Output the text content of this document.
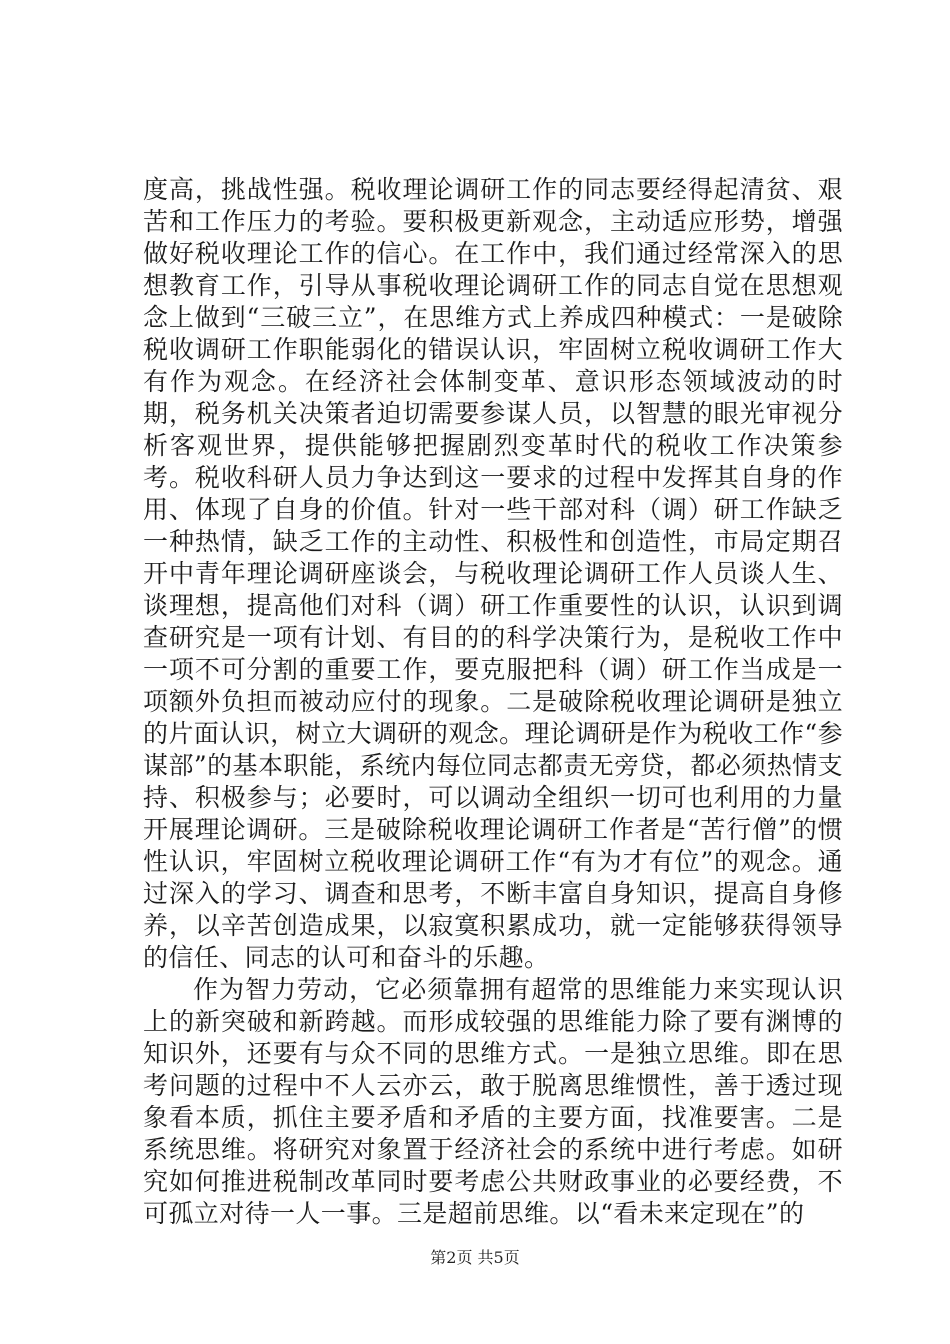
度高，挑战性强。税收理论调研工作的同志要经得起清贫、艰苦和工作压力的考验。要积极更新观念，主动适应形势，增强做好税收理论工作的信心。在工作中，我们通过经常深入的思想教育工作，引导从事税收理论调研工作的同志自觉在思想观念上做到“三破三立”，在思维方式上养成四种模式：一是破除税收调研工作职能弱化的错误认识，牢固树立税收调研工作大有作为观念。在经济社会体制变革、意识形态领域波动的时期，税务机关决策者迫切需要参谋人员，以智慧的眼光审视分析客观世界，提供能够把握剧烈变革时代的税收工作决策参考。税收科研人员力争达到这一要求的过程中发挥其自身的作用、体现了自身的价值。针对一些干部对科（调）研工作缺乏一种热情，缺乏工作的主动性、积极性和创造性，市局定期召开中青年理论调研座谈会，与税收理论调研工作人员谈人生、谈理想，提高他们对科（调）研工作重要性的认识，认识到调查研究是一项有计划、有目的的科学决策行为，是税收工作中一项不可分割的重要工作，要克服把科（调）研工作当成是一项额外负担而被动应付的现象。二是破除税收理论调研是独立的片面认识，树立大调研的观念。理论调研是作为税收工作“参谋部”的基本职能，系统内每位同志都责无旁贷，都必须热情支持、积极参与；必要时，可以调动全组织一切可也利用的力量开展理论调研。三是破除税收理论调研工作者是“苦行僧”的惯性认识，牢固树立税收理论调研工作“有为才有位”的观念。通过深入的学习、调查和思考，不断丰富自身知识，提高自身修养，以辛苦创造成果，以寂寞积累成功，就一定能够获得领导的信任、同志的认可和奋斗的乐趣。

作为智力劳动，它必须靠拥有超常的思维能力来实现认识上的新突破和新跨越。而形成较强的思维能力除了要有渊博的知识外，还要有与众不同的思维方式。一是独立思维。即在思考问题的过程中不人云亦云，敢于脱离思维惯性，善于透过现象看本质，抓住主要矛盾和矛盾的主要方面，找准要害。二是系统思维。将研究对象置于经济社会的系统中进行考虑。如研究如何推进税制改革同时要考虑公共财政事业的必要经费，不可孤立对待一人一事。三是超前思维。以“看未来定现在”的

第2页 共5页
